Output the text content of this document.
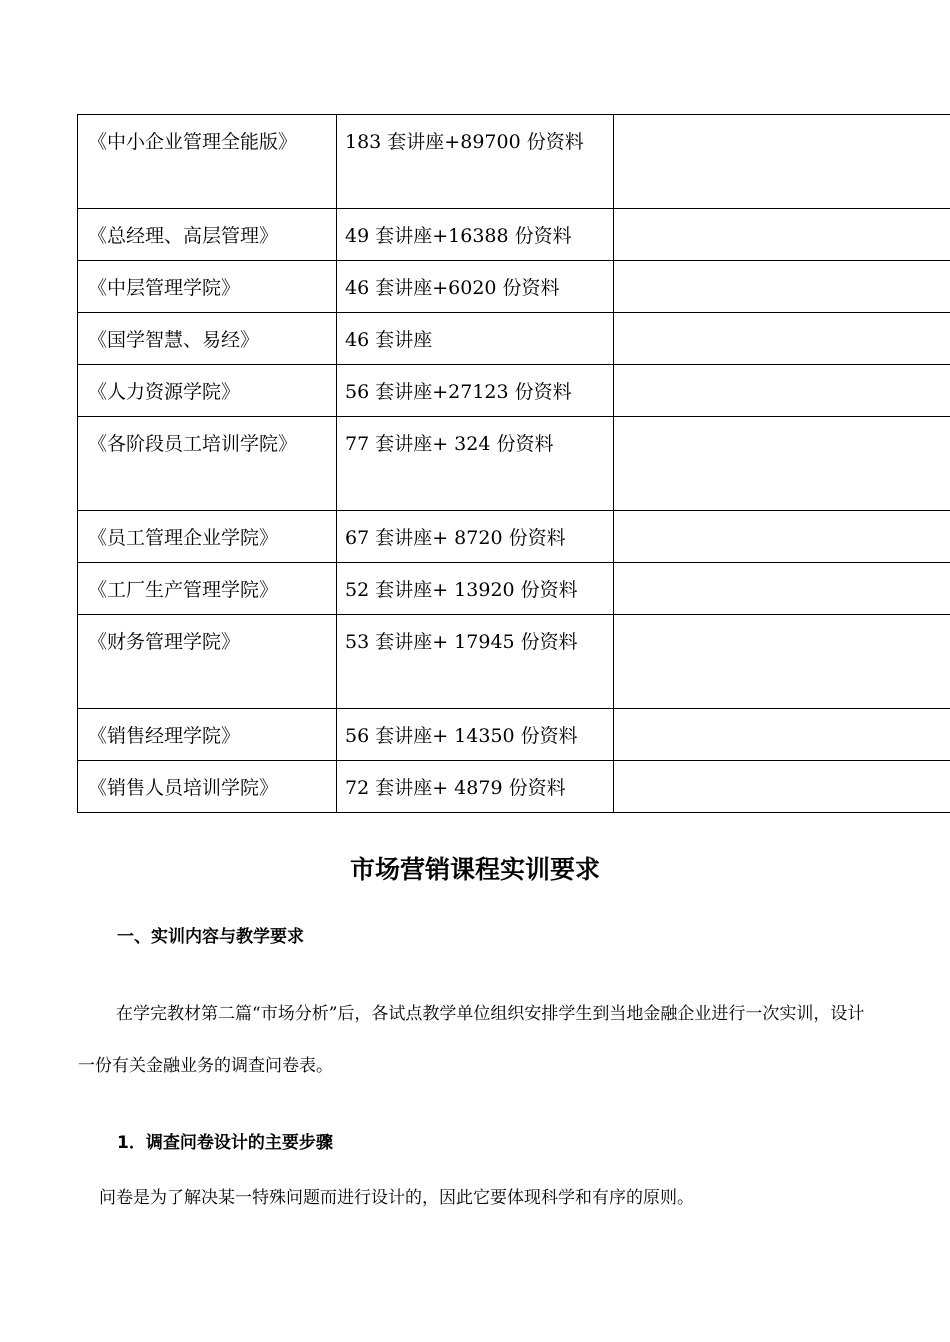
《中小企业管理全能版》	183 套讲座+89700 份资料	
《总经理、高层管理》	49 套讲座+16388 份资料	
《中层管理学院》	46 套讲座+6020 份资料	
《国学智慧、易经》	46 套讲座	
《人力资源学院》	56 套讲座+27123 份资料	
《各阶段员工培训学院》	77 套讲座+ 324 份资料	
《员工管理企业学院》	67 套讲座+ 8720 份资料	
《工厂生产管理学院》	52 套讲座+ 13920 份资料	
《财务管理学院》	53 套讲座+ 17945 份资料	
《销售经理学院》	56 套讲座+ 14350 份资料	
《销售人员培训学院》	72 套讲座+ 4879 份资料	
市场营销课程实训要求
一、实训内容与教学要求

在学完教材第二篇“市场分析”后，各试点教学单位组织安排学生到当地金融企业进行一次实训，设计一份有关金融业务的调查问卷表。

1．调查问卷设计的主要步骤

问卷是为了解决某一特殊问题而进行设计的，因此它要体现科学和有序的原则。
